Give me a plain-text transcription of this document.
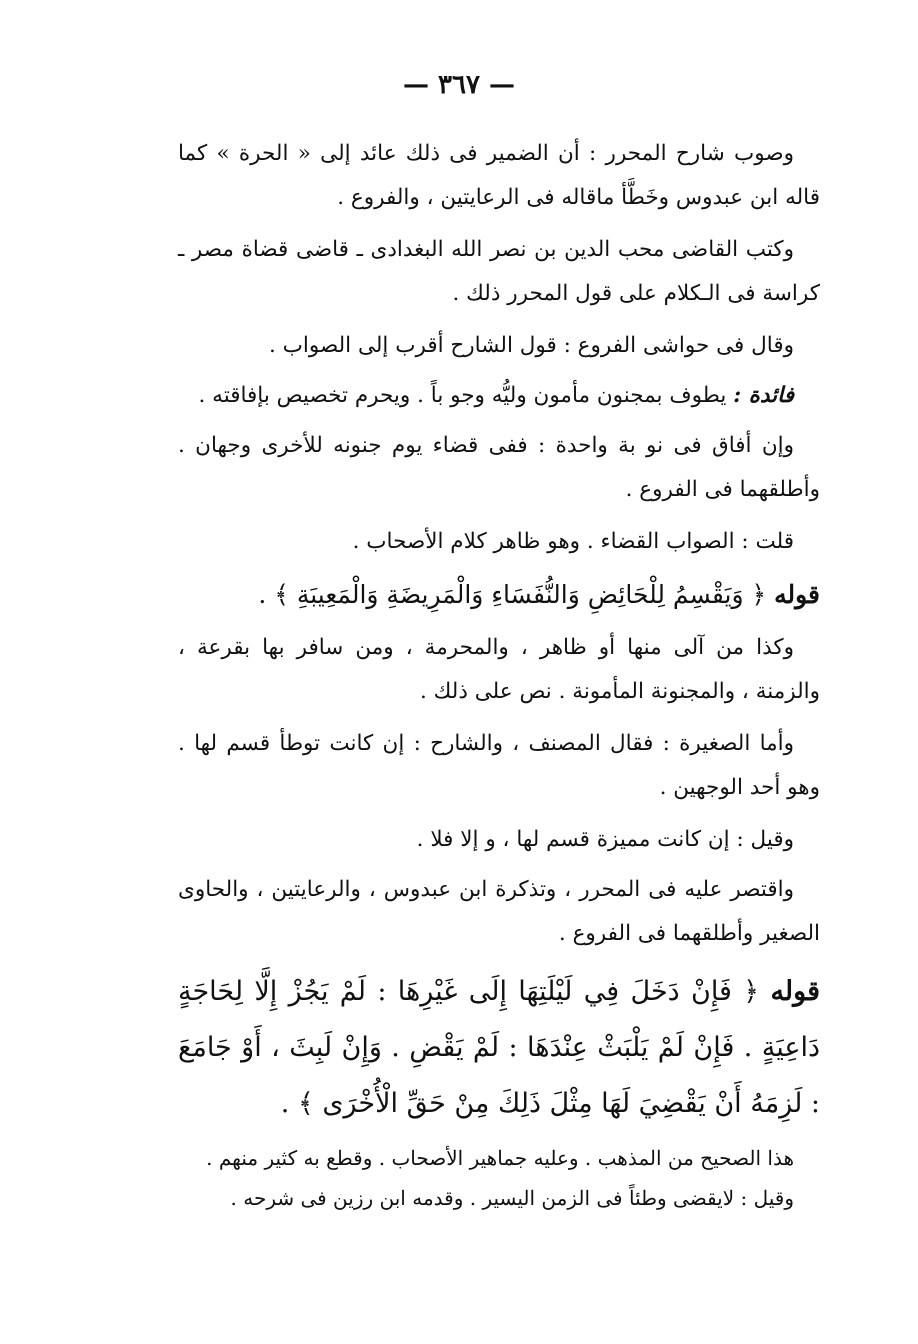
— ٣٦٧ —

وصوب شارح المحرر : أن الضمير فى ذلك عائد إلى « الحرة » كما قاله ابن عبدوس وخَطَّأ ماقاله فى الرعايتين ، والفروع .

وكتب القاضى محب الدين بن نصر الله البغدادى ـ قاضى قضاة مصر ـ كراسة فى الـكلام على قول المحرر ذلك .

وقال فى حواشى الفروع : قول الشارح أقرب إلى الصواب .

فائدة : يطوف بمجنون مأمون وليُّه وجو باً . ويحرم تخصيص بإفاقته .

وإن أفاق فى نو بة واحدة : ففى قضاء يوم جنونه للأخرى وجهان . وأطلقهما فى الفروع .

قلت : الصواب القضاء . وهو ظاهر كلام الأصحاب .

قوله ﴿ وَيَقْسِمُ لِلْحَائِضِ وَالنُّفَسَاءِ وَالْمَرِيضَةِ وَالْمَعِيبَةِ ﴾ .

وكذا من آلى منها أو ظاهر ، والمحرمة ، ومن سافر بها بقرعة ، والزمنة ، والمجنونة المأمونة . نص على ذلك .

وأما الصغيرة : فقال المصنف ، والشارح : إن كانت توطأ قسم لها . وهو أحد الوجهين .

وقيل : إن كانت مميزة قسم لها ، و إلا فلا .

واقتصر عليه فى المحرر ، وتذكرة ابن عبدوس ، والرعايتين ، والحاوى الصغير وأطلقهما فى الفروع .

قوله ﴿ فَإِنْ دَخَلَ فِي لَيْلَتِهَا إِلَى غَيْرِهَا : لَمْ يَجُزْ إِلَّا لِحَاجَةٍ دَاعِيَةٍ . فَإِنْ لَمْ يَلْبَثْ عِنْدَهَا : لَمْ يَقْضِ . وَإِنْ لَبِثَ ، أَوْ جَامَعَ : لَزِمَهُ أَنْ يَقْضِيَ لَهَا مِثْلَ ذَلِكَ مِنْ حَقِّ الْأُخْرَى ﴾ .

هذا الصحيح من المذهب . وعليه جماهير الأصحاب . وقطع به كثير منهم .

وقيل : لايقضى وطئاً فى الزمن اليسير . وقدمه ابن رزين فى شرحه .
